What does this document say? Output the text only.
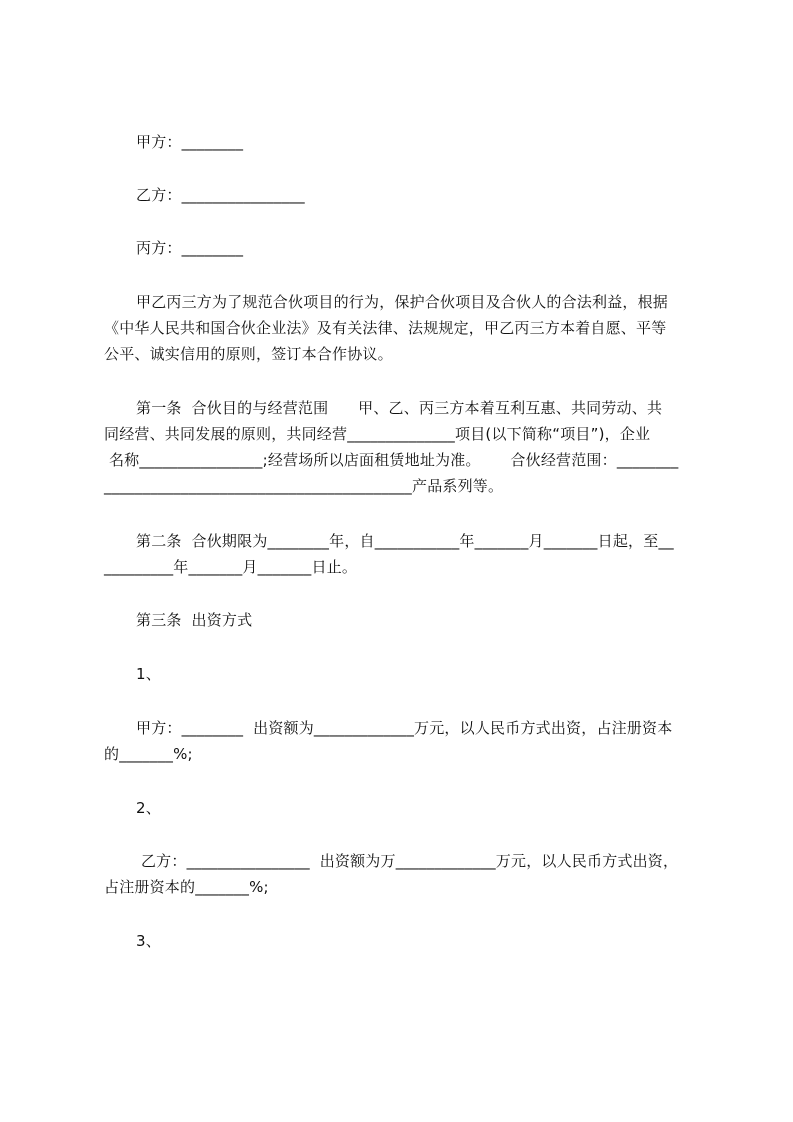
甲方：________
乙方：________________
丙方：________
甲乙丙三方为了规范合伙项目的行为，保护合伙项目及合伙人的合法利益，根据
《中华人民共和国合伙企业法》及有关法律、法规规定，甲乙丙三方本着自愿、平等
公平、诚实信用的原则，签订本合作协议。
第一条  合伙目的与经营范围      甲、乙、丙三方本着互利互惠、共同劳动、共
同经营、共同发展的原则，共同经营______________项目(以下简称“项目”)，企业
名称________________;经营场所以店面租赁地址为准。      合伙经营范围：________
________________________________________产品系列等。
第二条  合伙期限为________年，自___________年_______月_______日起，至__
_________年_______月_______日止。
第三条  出资方式
1、
甲方：________  出资额为_____________万元，以人民币方式出资，占注册资本
的_______%;
2、
乙方：________________  出资额为万_____________万元，以人民币方式出资，
占注册资本的_______%;
3、
